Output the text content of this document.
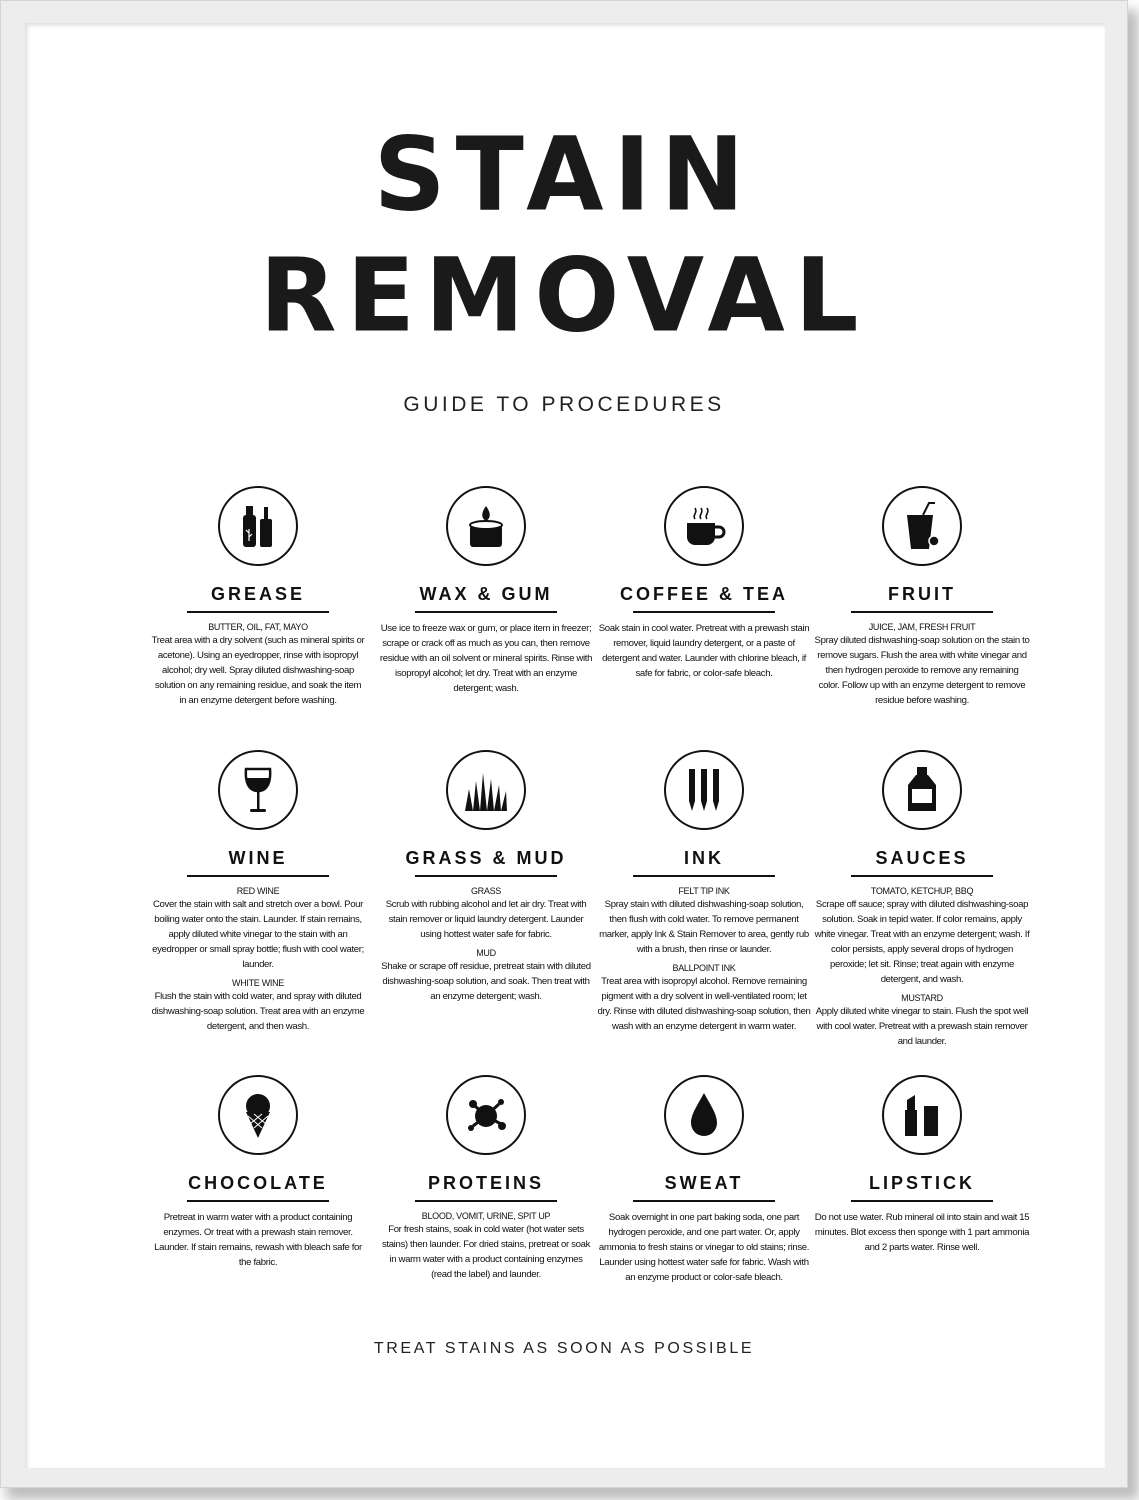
STAIN
REMOVAL
GUIDE TO PROCEDURES
GREASE
BUTTER, OIL, FAT, MAYO
Treat area with a dry solvent (such as mineral spirits or acetone). Using an eyedropper, rinse with isopropyl alcohol; dry well. Spray diluted dishwashing-soap solution on any remaining residue, and soak the item in an enzyme detergent before washing.
WAX & GUM
Use ice to freeze wax or gum, or place item in freezer; scrape or crack off as much as you can, then remove residue with an oil solvent or mineral spirits. Rinse with isopropyl alcohol; let dry. Treat with an enzyme detergent; wash.
COFFEE & TEA
Soak stain in cool water. Pretreat with a prewash stain remover, liquid laundry detergent, or a paste of detergent and water. Launder with chlorine bleach, if safe for fabric, or color-safe bleach.
FRUIT
JUICE, JAM, FRESH FRUIT
Spray diluted dishwashing-soap solution on the stain to remove sugars. Flush the area with white vinegar and then hydrogen peroxide to remove any remaining color. Follow up with an enzyme detergent to remove residue before washing.
WINE
RED WINE
Cover the stain with salt and stretch over a bowl. Pour boiling water onto the stain. Launder. If stain remains, apply diluted white vinegar to the stain with an eyedropper or small spray bottle; flush with cool water; launder.
WHITE WINE
Flush the stain with cold water, and spray with diluted dishwashing-soap solution. Treat area with an enzyme detergent, and then wash.
GRASS & MUD
GRASS
Scrub with rubbing alcohol and let air dry. Treat with stain remover or liquid laundry detergent. Launder using hottest water safe for fabric.
MUD
Shake or scrape off residue, pretreat stain with diluted dishwashing-soap solution, and soak. Then treat with an enzyme detergent; wash.
INK
FELT TIP INK
Spray stain with diluted dishwashing-soap solution, then flush with cold water. To remove permanent marker, apply Ink & Stain Remover to area, gently rub with a brush, then rinse or launder.
BALLPOINT INK
Treat area with isopropyl alcohol. Remove remaining pigment with a dry solvent in well-ventilated room; let dry. Rinse with diluted dishwashing-soap solution, then wash with an enzyme detergent in warm water.
SAUCES
TOMATO, KETCHUP, BBQ
Scrape off sauce; spray with diluted dishwashing-soap solution. Soak in tepid water. If color remains, apply white vinegar. Treat with an enzyme detergent; wash. If color persists, apply several drops of hydrogen peroxide; let sit. Rinse; treat again with enzyme detergent, and wash.
MUSTARD
Apply diluted white vinegar to stain. Flush the spot well with cool water. Pretreat with a prewash stain remover and launder.
CHOCOLATE
Pretreat in warm water with a product containing enzymes. Or treat with a prewash stain remover. Launder. If stain remains, rewash with bleach safe for the fabric.
PROTEINS
BLOOD, VOMIT, URINE, SPIT UP
For fresh stains, soak in cold water (hot water sets stains) then launder. For dried stains, pretreat or soak in warm water with a product containing enzymes (read the label) and launder.
SWEAT
Soak overnight in one part baking soda, one part hydrogen peroxide, and one part water. Or, apply ammonia to fresh stains or vinegar to old stains; rinse. Launder using hottest water safe for fabric. Wash with an enzyme product or color-safe bleach.
LIPSTICK
Do not use water. Rub mineral oil into stain and wait 15 minutes. Blot excess then sponge with 1 part ammonia and 2 parts water. Rinse well.
TREAT STAINS AS SOON AS POSSIBLE
